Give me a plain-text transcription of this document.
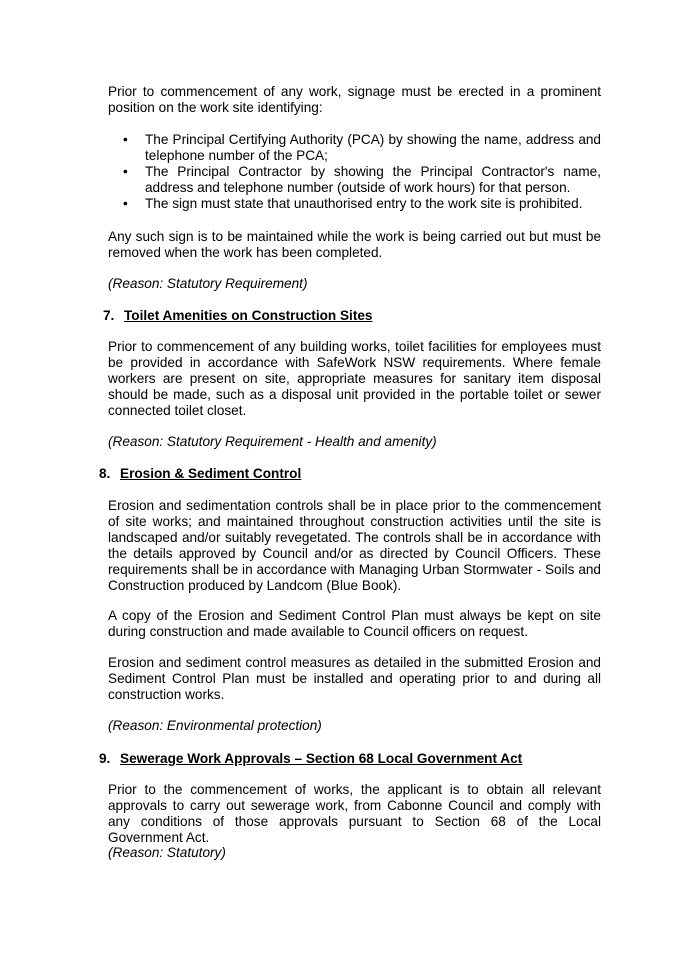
Prior to commencement of any work, signage must be erected in a prominent position on the work site identifying:
• The Principal Certifying Authority (PCA) by showing the name, address and telephone number of the PCA;
• The Principal Contractor by showing the Principal Contractor's name, address and telephone number (outside of work hours) for that person.
• The sign must state that unauthorised entry to the work site is prohibited.
Any such sign is to be maintained while the work is being carried out but must be removed when the work has been completed.
(Reason: Statutory Requirement)
7. Toilet Amenities on Construction Sites
Prior to commencement of any building works, toilet facilities for employees must be provided in accordance with SafeWork NSW requirements. Where female workers are present on site, appropriate measures for sanitary item disposal should be made, such as a disposal unit provided in the portable toilet or sewer connected toilet closet.
(Reason: Statutory Requirement - Health and amenity)
8. Erosion & Sediment Control
Erosion and sedimentation controls shall be in place prior to the commencement of site works; and maintained throughout construction activities until the site is landscaped and/or suitably revegetated. The controls shall be in accordance with the details approved by Council and/or as directed by Council Officers. These requirements shall be in accordance with Managing Urban Stormwater - Soils and Construction produced by Landcom (Blue Book).
A copy of the Erosion and Sediment Control Plan must always be kept on site during construction and made available to Council officers on request.
Erosion and sediment control measures as detailed in the submitted Erosion and Sediment Control Plan must be installed and operating prior to and during all construction works.
(Reason: Environmental protection)
9. Sewerage Work Approvals – Section 68 Local Government Act
Prior to the commencement of works, the applicant is to obtain all relevant approvals to carry out sewerage work, from Cabonne Council and comply with any conditions of those approvals pursuant to Section 68 of the Local Government Act.
(Reason: Statutory)
